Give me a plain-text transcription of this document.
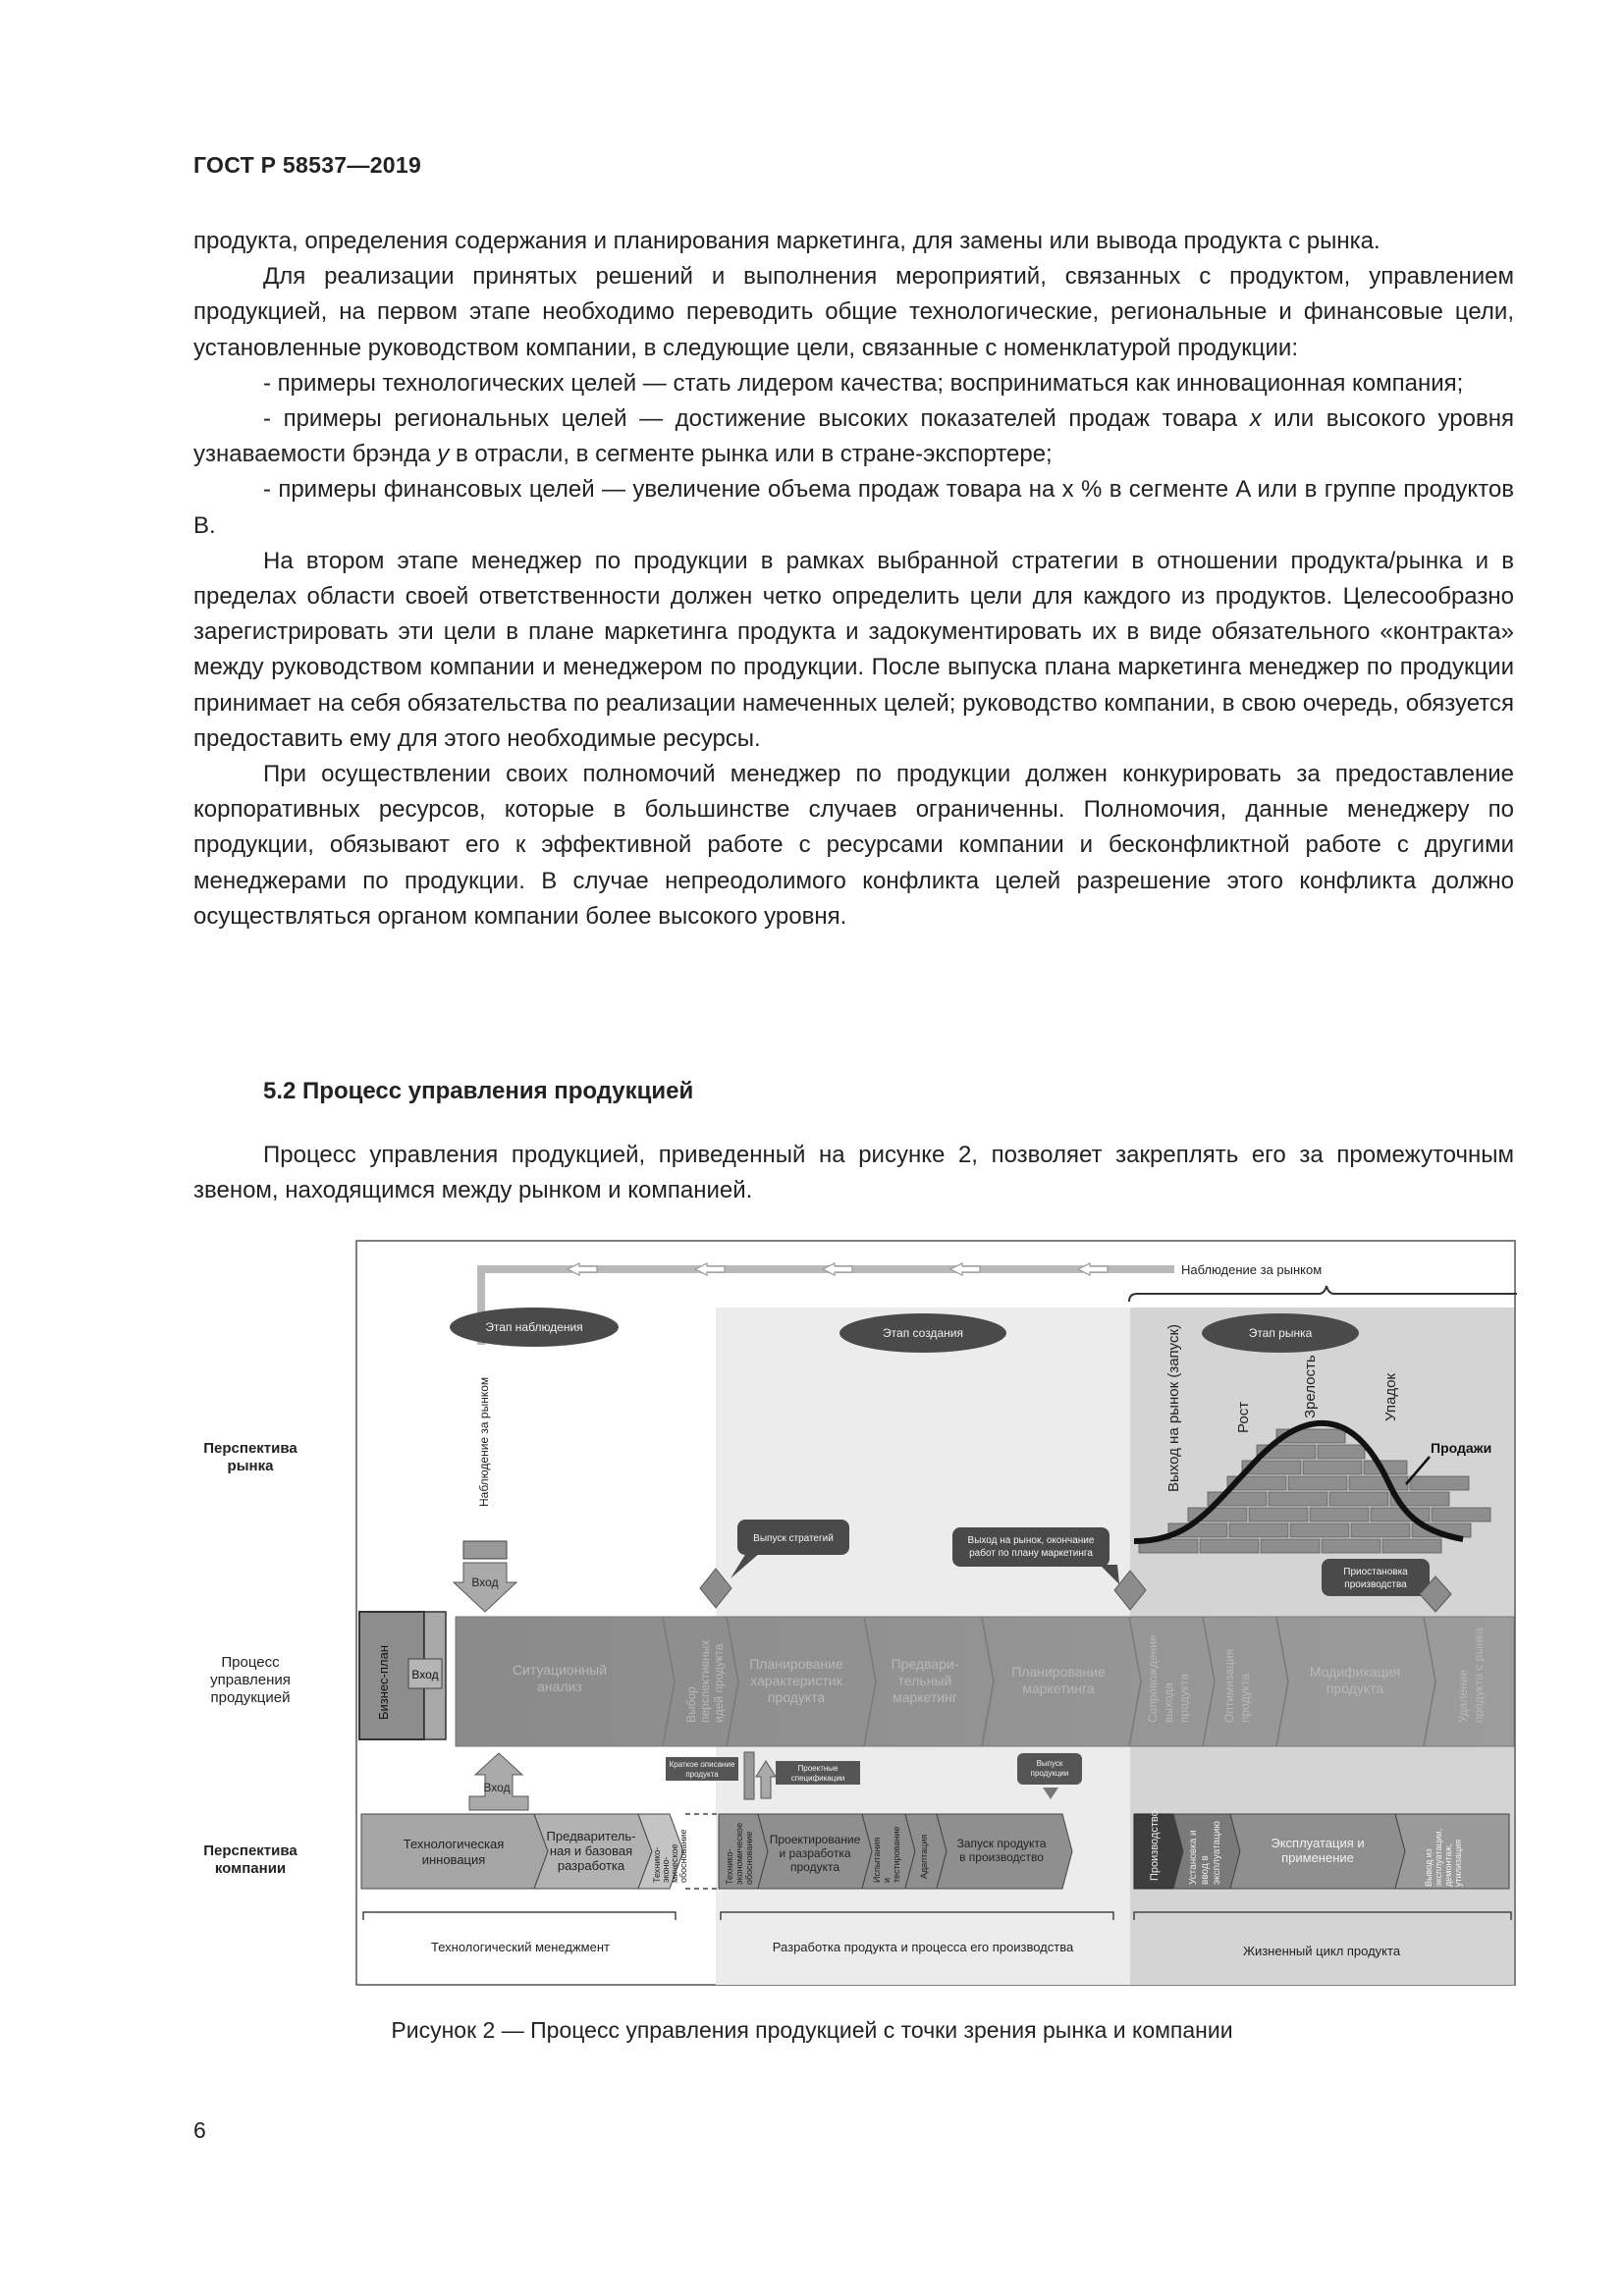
ГОСТ Р 58537—2019

продукта, определения содержания и планирования маркетинга, для замены или вывода продукта с рынка.

Для реализации принятых решений и выполнения мероприятий, связанных с продуктом, управлением продукцией, на первом этапе необходимо переводить общие технологические, региональные и финансовые цели, установленные руководством компании, в следующие цели, связанные с номенклатурой продукции:

- примеры технологических целей — стать лидером качества; восприниматься как инновационная компания;

- примеры региональных целей — достижение высоких показателей продаж товара x или высокого уровня узнаваемости брэнда y в отрасли, в сегменте рынка или в стране-экспортере;

- примеры финансовых целей — увеличение объема продаж товара на x % в сегменте A или в группе продуктов B.

На втором этапе менеджер по продукции в рамках выбранной стратегии в отношении продукта/рынка и в пределах области своей ответственности должен четко определить цели для каждого из продуктов. Целесообразно зарегистрировать эти цели в плане маркетинга продукта и задокументировать их в виде обязательного «контракта» между руководством компании и менеджером по продукции. После выпуска плана маркетинга менеджер по продукции принимает на себя обязательства по реализации намеченных целей; руководство компании, в свою очередь, обязуется предоставить ему для этого необходимые ресурсы.

При осуществлении своих полномочий менеджер по продукции должен конкурировать за предоставление корпоративных ресурсов, которые в большинстве случаев ограниченны. Полномочия, данные менеджеру по продукции, обязывают его к эффективной работе с ресурсами компании и бесконфликтной работе с другими менеджерами по продукции. В случае непреодолимого конфликта целей разрешение этого конфликта должно осуществляться органом компании более высокого уровня.

5.2 Процесс управления продукцией

Процесс управления продукцией, приведенный на рисунке 2, позволяет закреплять его за промежуточным звеном, находящимся между рынком и компанией.

Наблюдение за рынком
Этап наблюдения	Этап создания	Этап рынка
Перспектива рынка
Процесс управления продукцией
Перспектива компании
Наблюдение за рынком
Вход
Продажи
Выход на рынок (запуск)	Рост	Зрелость	Упадок
Выпуск стратегий	Выход на рынок, окончание работ по плану маркетинга
Приостановка производства
Бизнес-план Вход	Ситуационный анализ
Планирование характеристик продукта
Предвари-тельный маркетинг
Планирование маркетинга
Модификация продукта
Выбор перспективных идей продукта	Сопровождение выхода продукта	Оптимизация продукта	Удаление продукта с рынка
Вход
Краткое описание продукта
Проектные спецификации
Выпуск продукции
Технологическая инновация
Предваритель-ная и базовая разработка	Технико- эконо- мическое обоснование	Технико- экономическое обоснование	Испытания и тестирование Адаптация
Проектирование и разработка продукта
Запуск продукта в производство	Производство	Установка и ввод в эксплуатацию	Эксплуатация и применение	Вывод из эксплуатации, демонтаж, утилизация
Технологический менеджмент	Разработка продукта и процесса его производства	Жизненный цикл продукта
Рисунок 2 — Процесс управления продукцией с точки зрения рынка и компании
6
